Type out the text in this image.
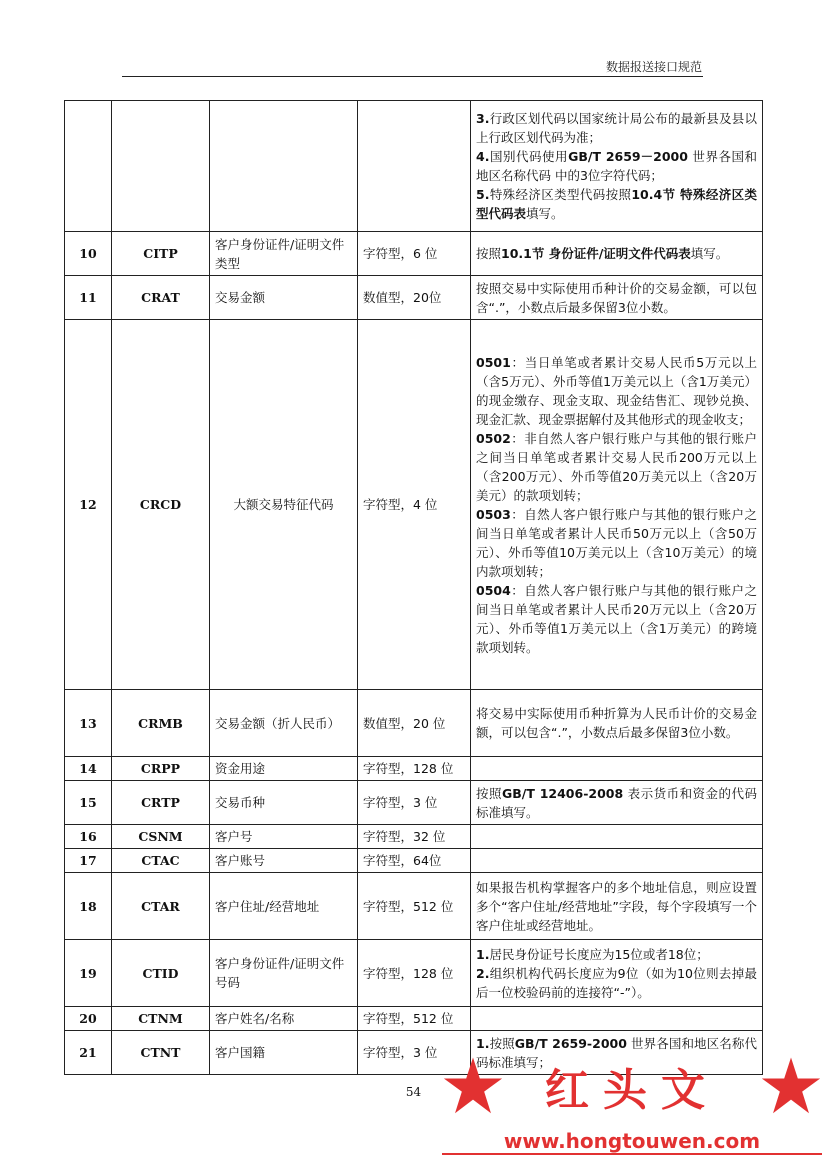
数据报送接口规范

				3.行政区划代码以国家统计局公布的最新县及县以上行政区划代码为准；
4.国别代码使用GB/T 2659－2000 世界各国和地区名称代码 中的3位字符代码；
5.特殊经济区类型代码按照10.4节 特殊经济区类型代码表填写。

10	CITP	客户身份证件/证明文件类型	字符型，6 位	按照10.1节 身份证件/证明文件代码表填写。

11	CRAT	交易金额	数值型，20位	按照交易中实际使用币种计价的交易金额，可以包含“.”，小数点后最多保留3位小数。

12	CRCD	大额交易特征代码	字符型，4 位	0501：当日单笔或者累计交易人民币5万元以上（含5万元）、外币等值1万美元以上（含1万美元）的现金缴存、现金支取、现金结售汇、现钞兑换、现金汇款、现金票据解付及其他形式的现金收支；
0502：非自然人客户银行账户与其他的银行账户之间当日单笔或者累计交易人民币200万元以上（含200万元）、外币等值20万美元以上（含20万美元）的款项划转；
0503：自然人客户银行账户与其他的银行账户之间当日单笔或者累计人民币50万元以上（含50万元）、外币等值10万美元以上（含10万美元）的境内款项划转；
0504：自然人客户银行账户与其他的银行账户之间当日单笔或者累计人民币20万元以上（含20万元）、外币等值1万美元以上（含1万美元）的跨境款项划转。

13	CRMB	交易金额（折人民币）	数值型，20 位	将交易中实际使用币种折算为人民币计价的交易金额，可以包含“.”，小数点后最多保留3位小数。

14	CRPP	资金用途	字符型，128 位	
15	CRTP	交易币种	字符型，3 位	按照GB/T 12406-2008 表示货币和资金的代码标准填写。

16	CSNM	客户号	字符型，32 位	
17	CTAC	客户账号	字符型，64位	
18	CTAR	客户住址/经营地址	字符型，512 位	如果报告机构掌握客户的多个地址信息，则应设置多个“客户住址/经营地址”字段，每个字段填写一个客户住址或经营地址。

19	CTID	客户身份证件/证明文件号码	字符型，128 位	1.居民身份证号长度应为15位或者18位；
2.组织机构代码长度应为9位（如为10位则去掉最后一位校验码前的连接符“-”）。

20	CTNM	客户姓名/名称	字符型，512 位	
21	CTNT	客户国籍	字符型，3 位	1.按照GB/T 2659-2000 世界各国和地区名称代码标准填写；
54	红头文
www.hongtouwen.com
